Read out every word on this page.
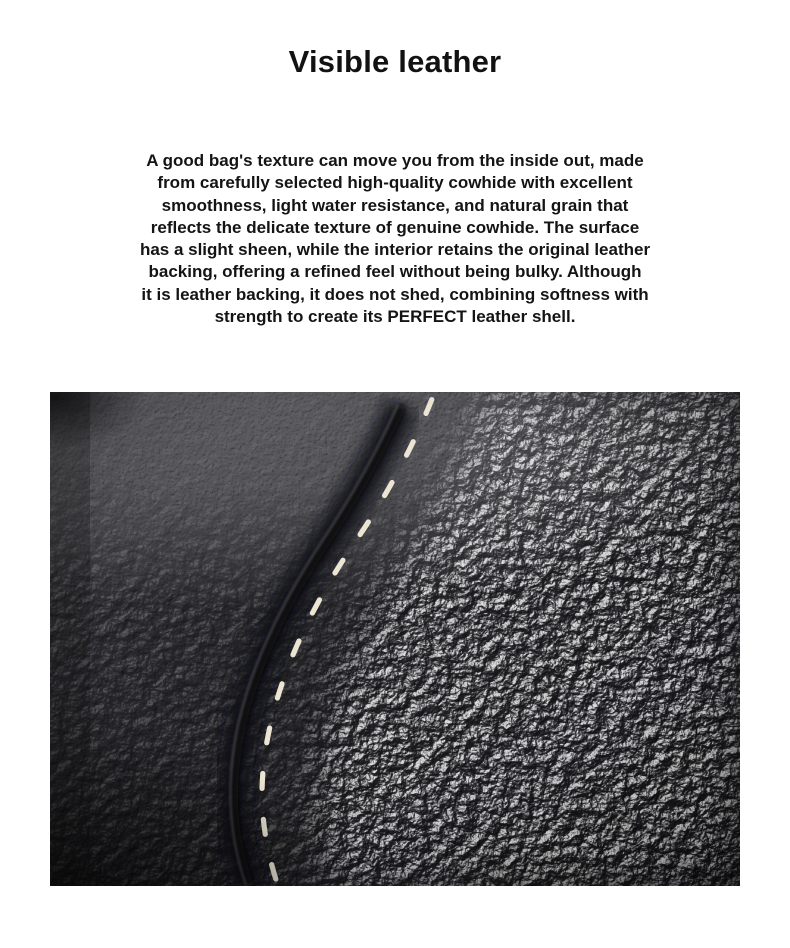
Visible leather
A good bag's texture can move you from the inside out, made
from carefully selected high-quality cowhide with excellent
smoothness, light water resistance, and natural grain that
reflects the delicate texture of genuine cowhide. The surface
has a slight sheen, while the interior retains the original leather
backing, offering a refined feel without being bulky. Although
it is leather backing, it does not shed, combining softness with
strength to create its PERFECT leather shell.
